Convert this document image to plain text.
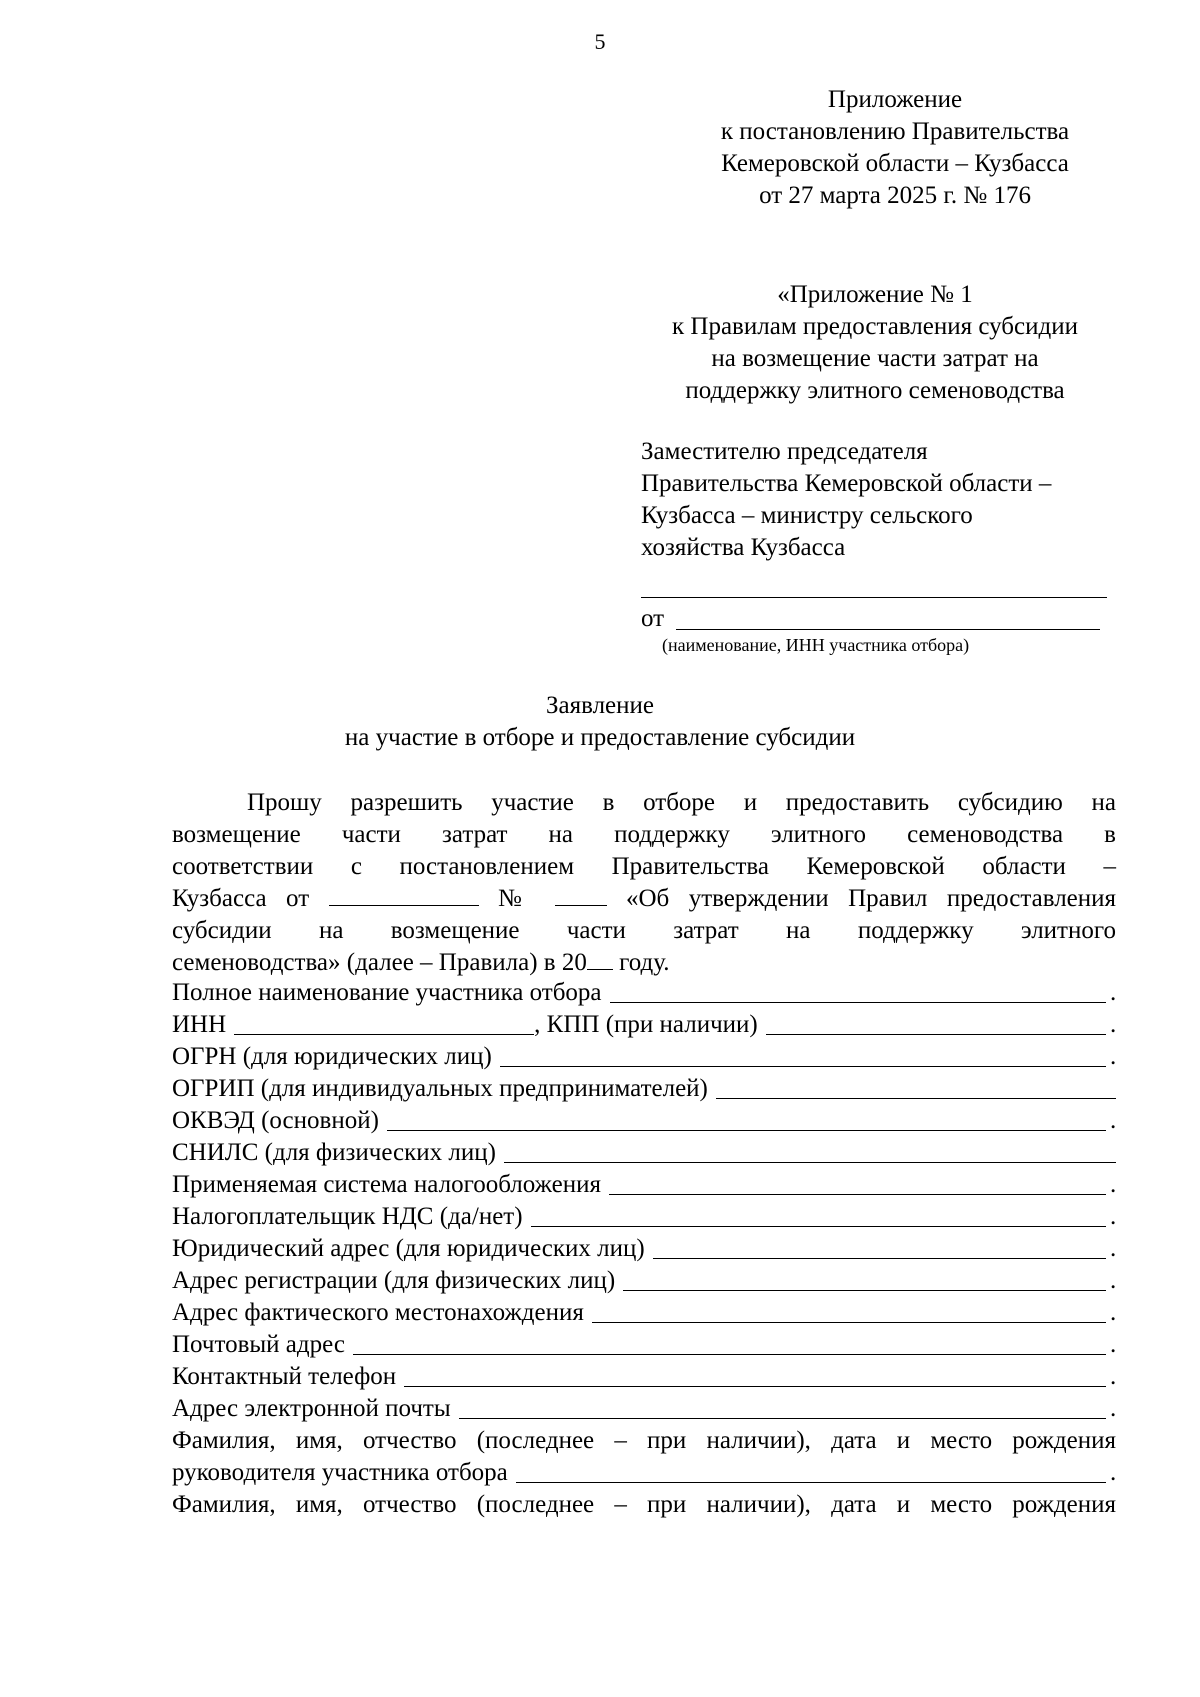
5
Приложение
к постановлению Правительства
Кемеровской области – Кузбасса
от 27 марта 2025 г. № 176
«Приложение № 1
к Правилам предоставления субсидии
на возмещение части затрат на
поддержку элитного семеноводства
Заместителю председателя
Правительства Кемеровской области –
Кузбасса – министру сельского
хозяйства Кузбасса
от
(наименование, ИНН участника отбора)
Заявление
на участие в отборе и предоставление субсидии
Прошу разрешить участие в отборе и предоставить субсидию на
возмещение части затрат на поддержку элитного семеноводства в
соответствии с постановлением Правительства Кемеровской области –
Кузбасса от	№	«Об утверждении Правил предоставления
субсидии на возмещение части затрат на поддержку элитного
семеноводства» (далее – Правила) в 20 году.
Полное наименование участника отбора	.
ИНН	, КПП (при наличии)	.
ОГРН (для юридических лиц)	.
ОГРИП (для индивидуальных предпринимателей)
ОКВЭД (основной)	.
СНИЛС (для физических лиц)
Применяемая система налогообложения	.
Налогоплательщик НДС (да/нет)	.
Юридический адрес (для юридических лиц)	.
Адрес регистрации (для физических лиц)	.
Адрес фактического местонахождения	.
Почтовый адрес	.
Контактный телефон	.
Адрес электронной почты	.
Фамилия, имя, отчество (последнее – при наличии), дата и место рождения
руководителя участника отбора	.
Фамилия, имя, отчество (последнее – при наличии), дата и место рождения
